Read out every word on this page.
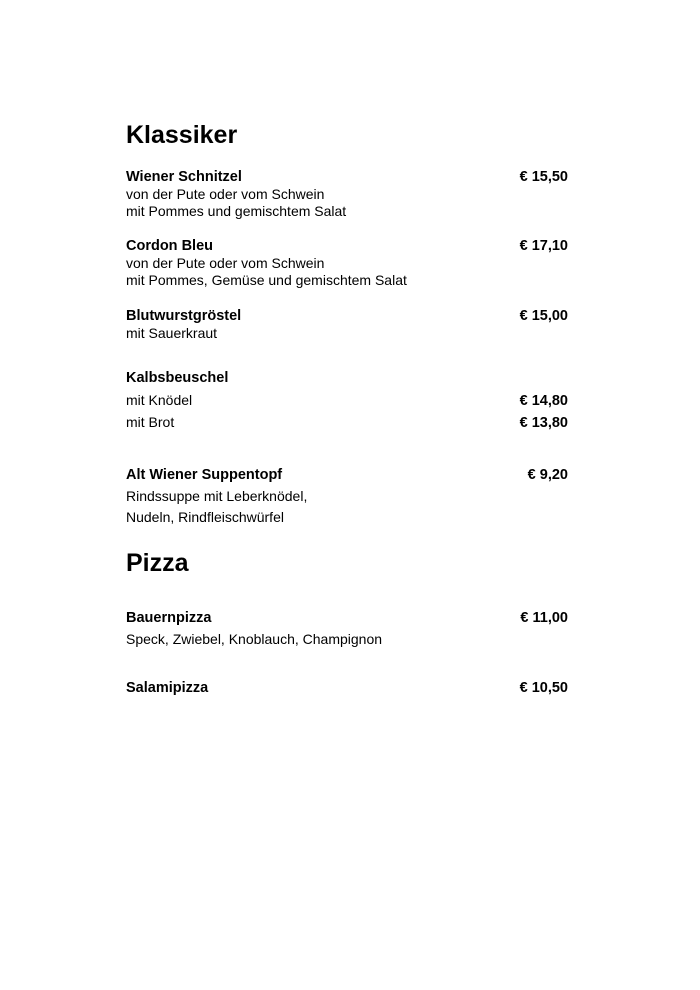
Klassiker
Wiener Schnitzel	€ 15,50
von der Pute oder vom Schwein
mit Pommes und gemischtem Salat
Cordon Bleu	€ 17,10
von der Pute oder vom Schwein
mit Pommes, Gemüse und gemischtem Salat
Blutwurstgröstel	€ 15,00
mit Sauerkraut
Kalbsbeuschel
mit Knödel	€ 14,80
mit Brot	€ 13,80
Alt Wiener Suppentopf	€ 9,20
Rindssuppe mit Leberknödel,
Nudeln, Rindfleischwürfel
Pizza
Bauernpizza	€ 11,00
Speck, Zwiebel, Knoblauch, Champignon
Salamipizza	€ 10,50
